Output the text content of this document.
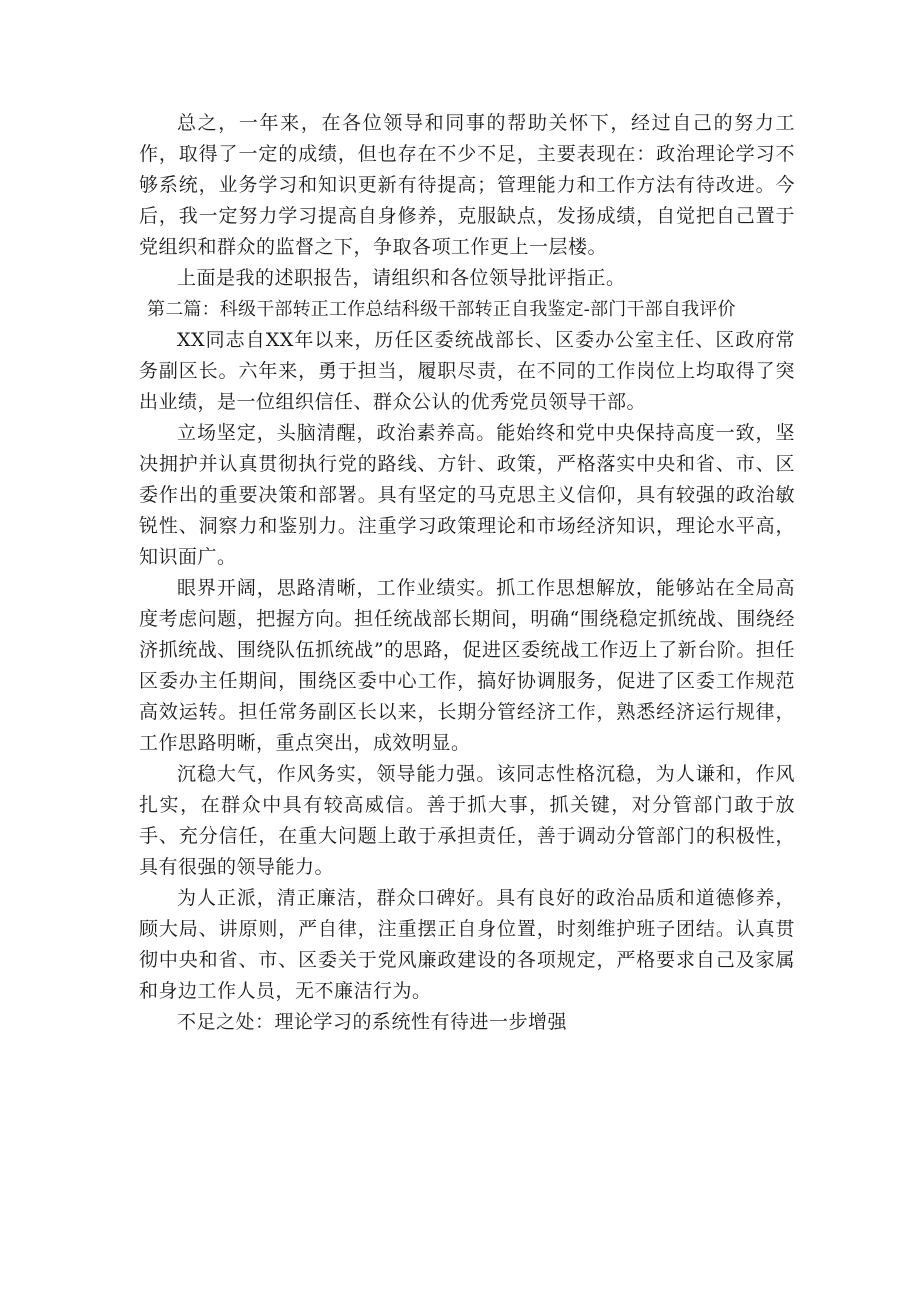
总之，一年来，在各位领导和同事的帮助关怀下，经过自己的努力工作，取得了一定的成绩，但也存在不少不足，主要表现在：政治理论学习不够系统，业务学习和知识更新有待提高；管理能力和工作方法有待改进。今后，我一定努力学习提高自身修养，克服缺点，发扬成绩，自觉把自己置于党组织和群众的监督之下，争取各项工作更上一层楼。

上面是我的述职报告，请组织和各位领导批评指正。

第二篇：科级干部转正工作总结科级干部转正自我鉴定-部门干部自我评价

XX同志自XX年以来，历任区委统战部长、区委办公室主任、区政府常务副区长。六年来，勇于担当，履职尽责，在不同的工作岗位上均取得了突出业绩，是一位组织信任、群众公认的优秀党员领导干部。

立场坚定，头脑清醒，政治素养高。能始终和党中央保持高度一致，坚决拥护并认真贯彻执行党的路线、方针、政策，严格落实中央和省、市、区委作出的重要决策和部署。具有坚定的马克思主义信仰，具有较强的政治敏锐性、洞察力和鉴别力。注重学习政策理论和市场经济知识，理论水平高，知识面广。

眼界开阔，思路清晰，工作业绩实。抓工作思想解放，能够站在全局高度考虑问题，把握方向。担任统战部长期间，明确“围绕稳定抓统战、围绕经济抓统战、围绕队伍抓统战”的思路，促进区委统战工作迈上了新台阶。担任区委办主任期间，围绕区委中心工作，搞好协调服务，促进了区委工作规范高效运转。担任常务副区长以来，长期分管经济工作，熟悉经济运行规律，工作思路明晰，重点突出，成效明显。

沉稳大气，作风务实，领导能力强。该同志性格沉稳，为人谦和，作风扎实，在群众中具有较高威信。善于抓大事，抓关键，对分管部门敢于放手、充分信任，在重大问题上敢于承担责任，善于调动分管部门的积极性，具有很强的领导能力。

为人正派，清正廉洁，群众口碑好。具有良好的政治品质和道德修养，顾大局、讲原则，严自律，注重摆正自身位置，时刻维护班子团结。认真贯彻中央和省、市、区委关于党风廉政建设的各项规定，严格要求自己及家属和身边工作人员，无不廉洁行为。

不足之处：理论学习的系统性有待进一步增强
